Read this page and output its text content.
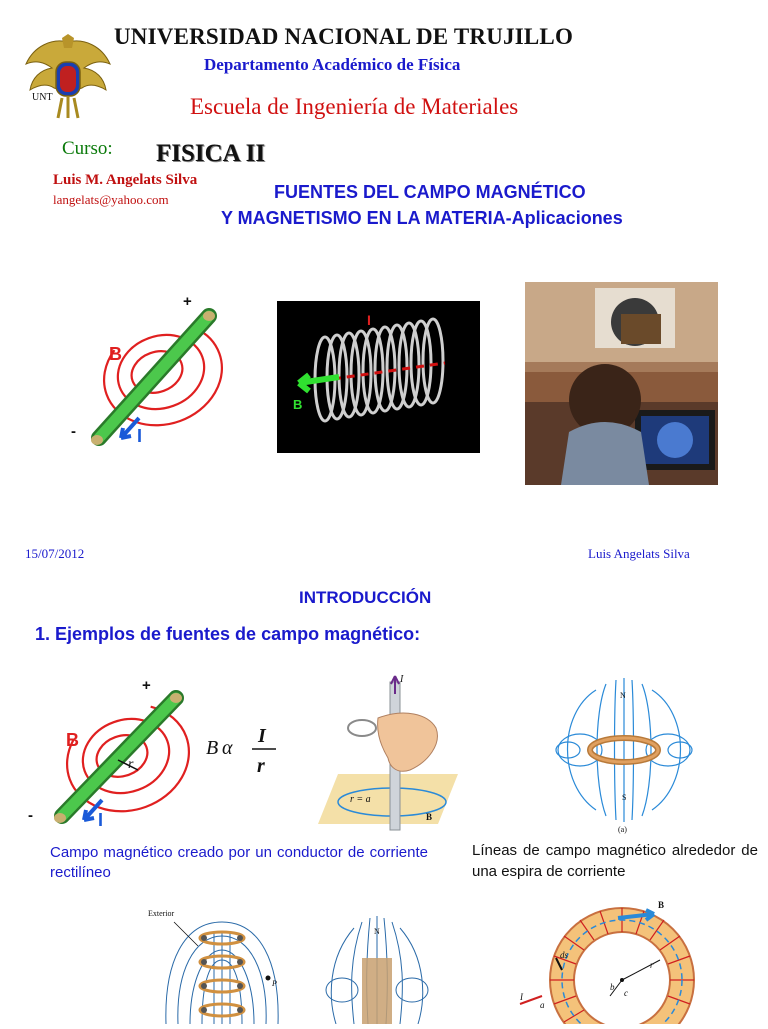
UNT
UNIVERSIDAD NACIONAL DE TRUJILLO
Departamento Académico de Física
Escuela de Ingeniería de Materiales
Curso: FISICA II
Luis M. Angelats Silva
langelats@yahoo.com	FUENTES DEL CAMPO MAGNÉTICO
Y MAGNETISMO EN LA MATERIA-Aplicaciones
+
-
B
I
I
B
15/07/2012	Luis Angelats Silva
INTRODUCCIÓN
1. Ejemplos de fuentes de campo magnético:
+
-
B
I
r
B α
I
r
I
r = a
B
N
S
(a)
Campo magnético creado por un conductor de corriente rectilíneo
Líneas de campo magnético alrededor de una espira de corriente
Exterior
P
N
B
ds
r
b
c
a
I
